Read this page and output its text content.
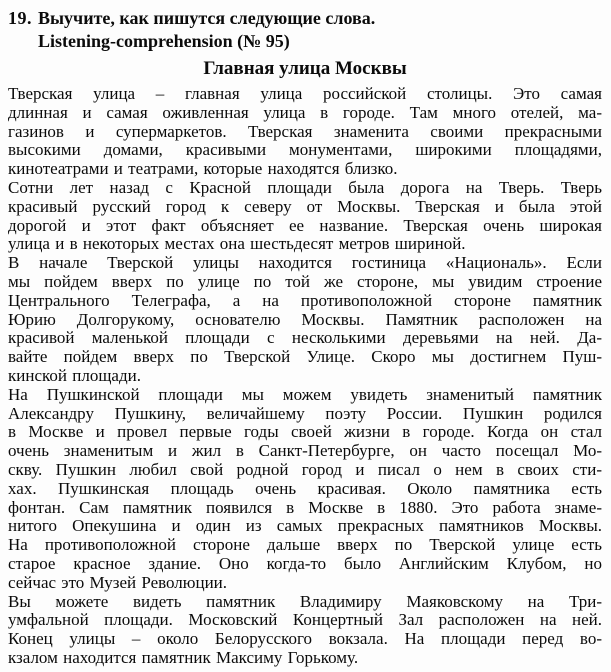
19. Выучите, как пишутся следующие слова.
Listening-comprehension (№ 95)
Главная улица Москвы
Тверская улица – главная улица российской столицы. Это самая
длинная и самая оживленная улица в городе. Там много отелей, ма-
газинов и супермаркетов. Тверская знаменита своими прекрасными
высокими домами, красивыми монументами, широкими площадями,
кинотеатрами и театрами, которые находятся близко.
Сотни лет назад с Красной площади была дорога на Тверь. Тверь
красивый русский город к северу от Москвы. Тверская и была этой
дорогой и этот факт объясняет ее название. Тверская очень широкая
улица и в некоторых местах она шестьдесят метров шириной.
В начале Тверской улицы находится гостиница «Националь». Если
мы пойдем вверх по улице по той же стороне, мы увидим строение
Центрального Телеграфа, а на противоположной стороне памятник
Юрию Долгорукому, основателю Москвы. Памятник расположен на
красивой маленькой площади с несколькими деревьями на ней. Да-
вайте пойдем вверх по Тверской Улице. Скоро мы достигнем Пуш-
кинской площади.
На Пушкинской площади мы можем увидеть знаменитый памятник
Александру Пушкину, величайшему поэту России. Пушкин родился
в Москве и провел первые годы своей жизни в городе. Когда он стал
очень знаменитым и жил в Санкт-Петербурге, он часто посещал Мо-
скву. Пушкин любил свой родной город и писал о нем в своих сти-
хах. Пушкинская площадь очень красивая. Около памятника есть
фонтан. Сам памятник появился в Москве в 1880. Это работа знаме-
нитого Опекушина и один из самых прекрасных памятников Москвы.
На противоположной стороне дальше вверх по Тверской улице есть
старое красное здание. Оно когда-то было Английским Клубом, но
сейчас это Музей Революции.
Вы можете видеть памятник Владимиру Маяковскому на Три-
умфальной площади. Московский Концертный Зал расположен на ней.
Конец улицы – около Белорусского вокзала. На площади перед во-
кзалом находится памятник Максиму Горькому.
